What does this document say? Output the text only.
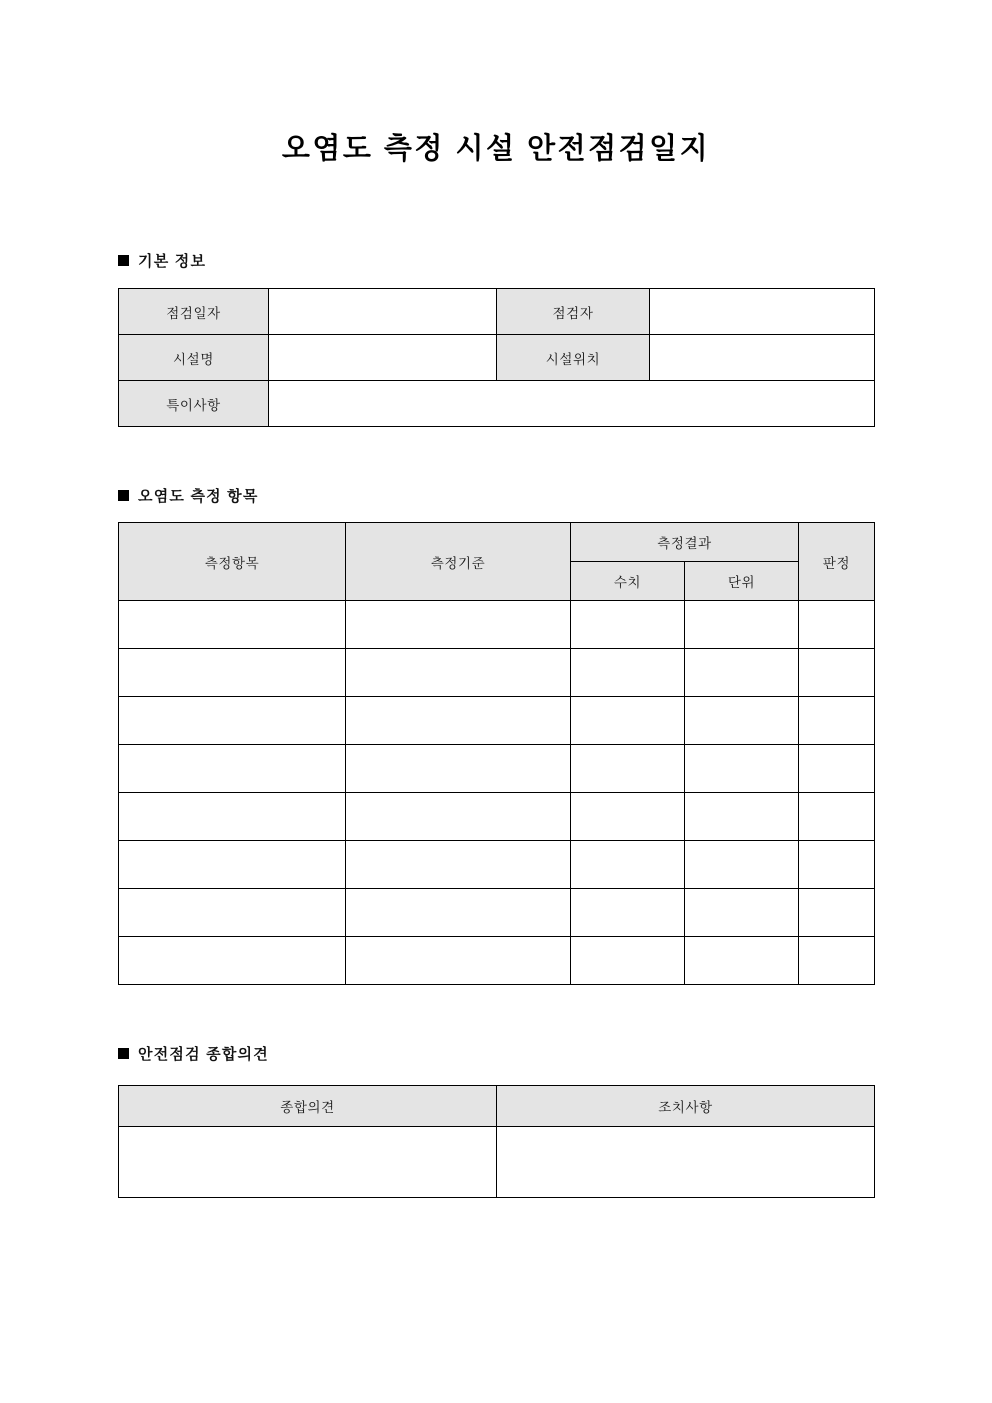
오염도 측정 시설 안전점검일지
기본 정보
점검일자		점검자	
시설명		시설위치	
특이사항			
오염도 측정 항목
측정항목	측정기준	측정결과		판정
		수치	단위	

안전점검 종합의견
종합의견	조치사항
